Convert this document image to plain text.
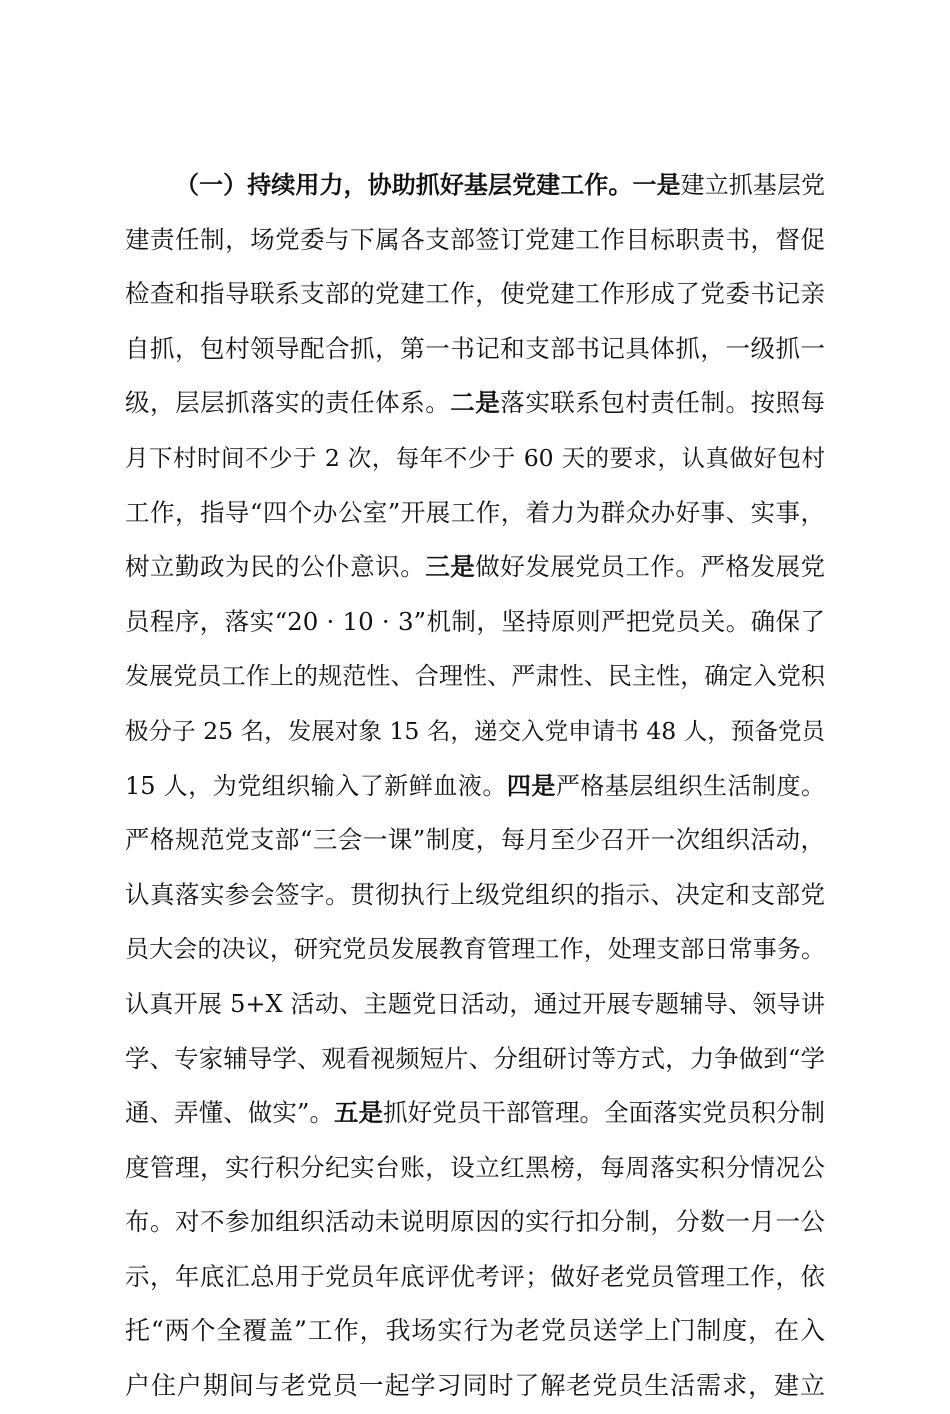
（一）持续用力，协助抓好基层党建工作。一是建立抓基层党
建责任制，场党委与下属各支部签订党建工作目标职责书，督促
检查和指导联系支部的党建工作，使党建工作形成了党委书记亲
自抓，包村领导配合抓，第一书记和支部书记具体抓，一级抓一
级，层层抓落实的责任体系。二是落实联系包村责任制。按照每
月下村时间不少于 2 次，每年不少于 60 天的要求，认真做好包村
工作，指导“四个办公室”开展工作，着力为群众办好事、实事，
树立勤政为民的公仆意识。三是做好发展党员工作。严格发展党
员程序，落实“20 · 10 · 3”机制，坚持原则严把党员关。确保了
发展党员工作上的规范性、合理性、严肃性、民主性，确定入党积
极分子 25 名，发展对象 15 名，递交入党申请书 48 人，预备党员
15 人，为党组织输入了新鲜血液。四是严格基层组织生活制度。
严格规范党支部“三会一课”制度，每月至少召开一次组织活动，
认真落实参会签字。贯彻执行上级党组织的指示、决定和支部党
员大会的决议，研究党员发展教育管理工作，处理支部日常事务。
认真开展 5+X 活动、主题党日活动，通过开展专题辅导、领导讲
学、专家辅导学、观看视频短片、分组研讨等方式，力争做到“学
通、弄懂、做实”。五是抓好党员干部管理。全面落实党员积分制
度管理，实行积分纪实台账，设立红黑榜，每周落实积分情况公
布。对不参加组织活动未说明原因的实行扣分制，分数一月一公
示，年底汇总用于党员年底评优考评；做好老党员管理工作，依
托“两个全覆盖”工作，我场实行为老党员送学上门制度，在入
户住户期间与老党员一起学习同时了解老党员生活需求，建立
